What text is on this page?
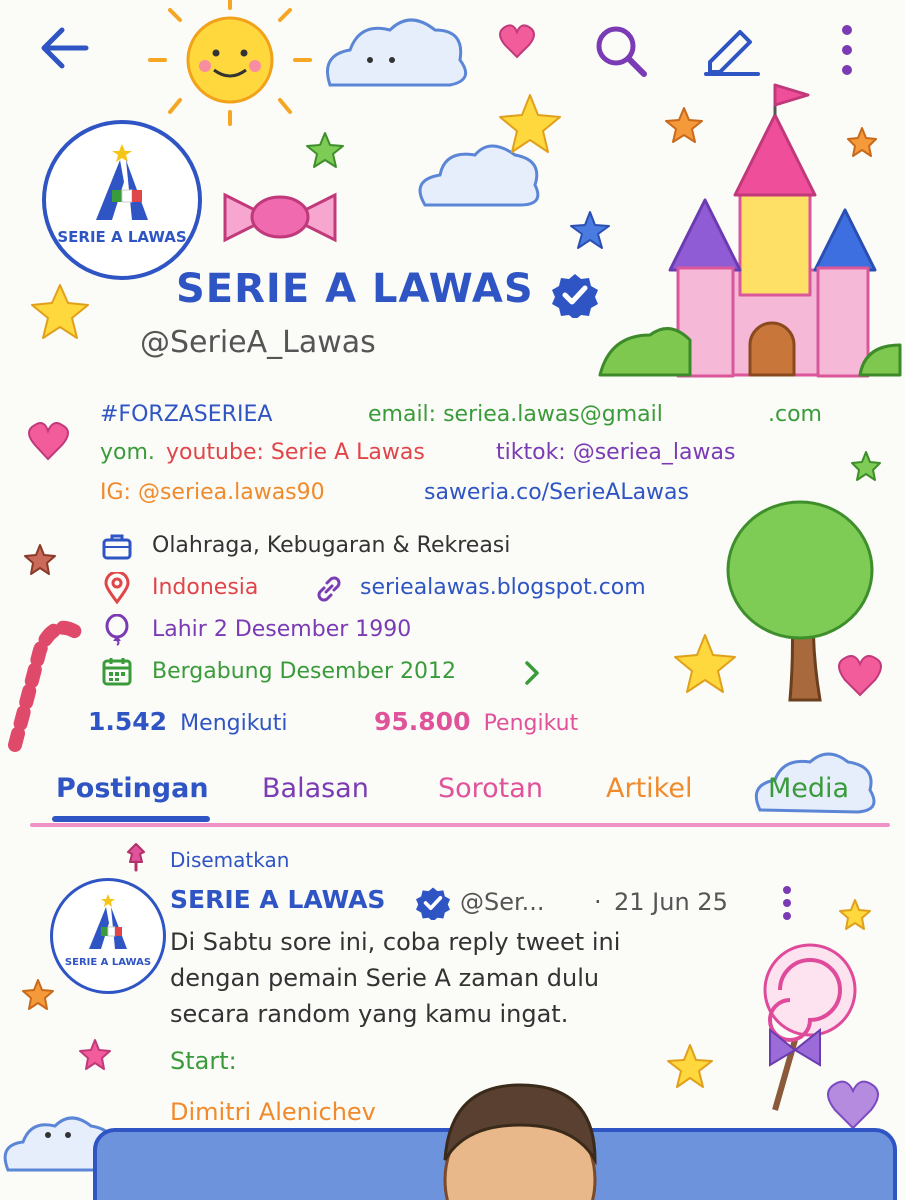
SERIE A LAWAS
SERIE A LAWAS
@SerieA_Lawas
#FORZASERIEA	email: seriea.lawas@gmail	.com
yom. youtube: Serie A Lawas	tiktok: @seriea_lawas
IG: @seriea.lawas90	saweria.co/SerieALawas
Olahraga, Kebugaran & Rekreasi
Indonesia	seriealawas.blogspot.com
Lahir 2 Desember 1990
Bergabung Desember 2012
1.542 Mengikuti	95.800 Pengikut
Postingan Balasan	Sorotan Artikel	Media
Disematkan
SERIE A LAWAS
SERIE A LAWAS	@Ser... · 21 Jun 25
Di Sabtu sore ini, coba reply tweet ini
dengan pemain Serie A zaman dulu
secara random yang kamu ingat.
Start:
Dimitri Alenichev
